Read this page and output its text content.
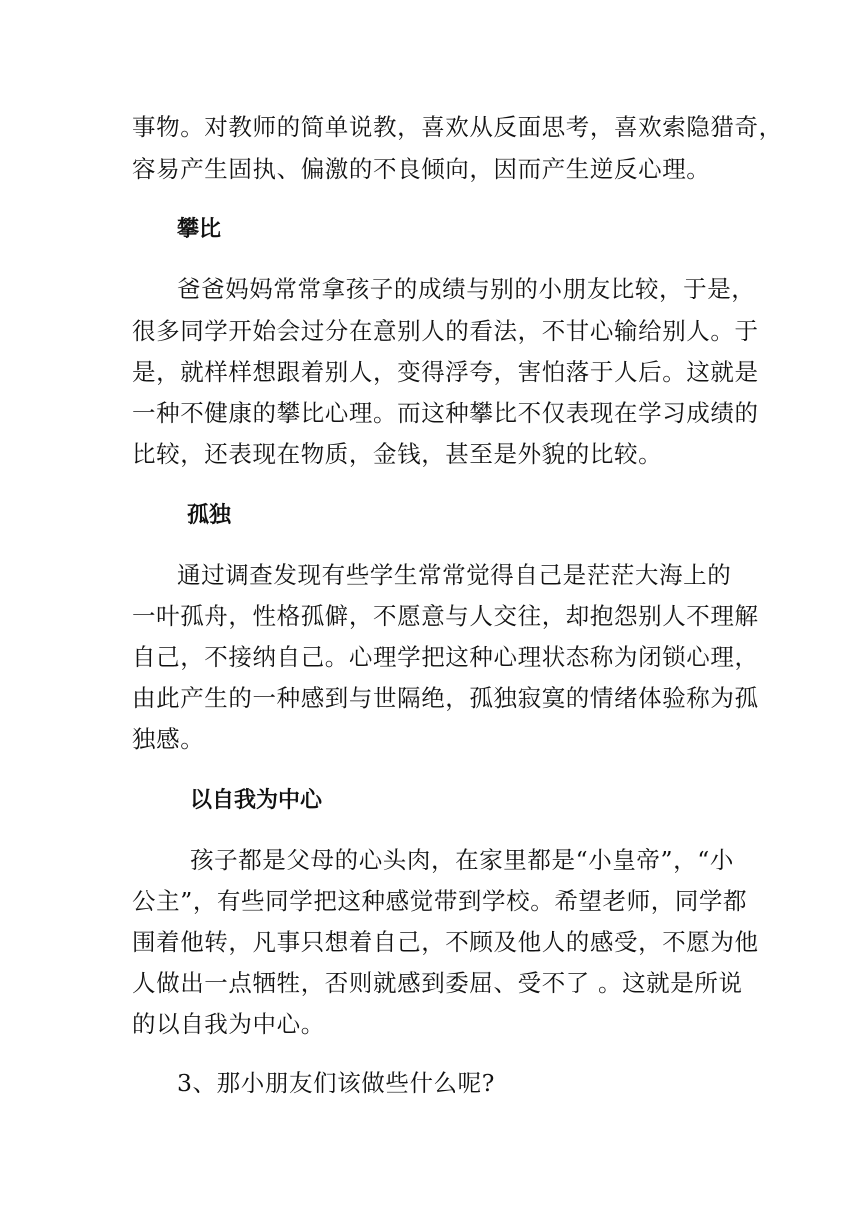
事物。对教师的简单说教，喜欢从反面思考，喜欢索隐猎奇，
容易产生固执、偏激的不良倾向，因而产生逆反心理。
攀比
爸爸妈妈常常拿孩子的成绩与别的小朋友比较，于是，
很多同学开始会过分在意别人的看法，不甘心输给别人。于
是，就样样想跟着别人，变得浮夸，害怕落于人后。这就是
一种不健康的攀比心理。而这种攀比不仅表现在学习成绩的
比较，还表现在物质，金钱，甚至是外貌的比较。
孤独
通过调查发现有些学生常常觉得自己是茫茫大海上的
一叶孤舟，性格孤僻，不愿意与人交往，却抱怨别人不理解
自己，不接纳自己。心理学把这种心理状态称为闭锁心理，
由此产生的一种感到与世隔绝，孤独寂寞的情绪体验称为孤
独感。
以自我为中心
孩子都是父母的心头肉，在家里都是“小皇帝”，“小
公主”，有些同学把这种感觉带到学校。希望老师，同学都
围着他转，凡事只想着自己，不顾及他人的感受，不愿为他
人做出一点牺牲，否则就感到委屈、受不了 。这就是所说
的以自我为中心。
3、那小朋友们该做些什么呢?
